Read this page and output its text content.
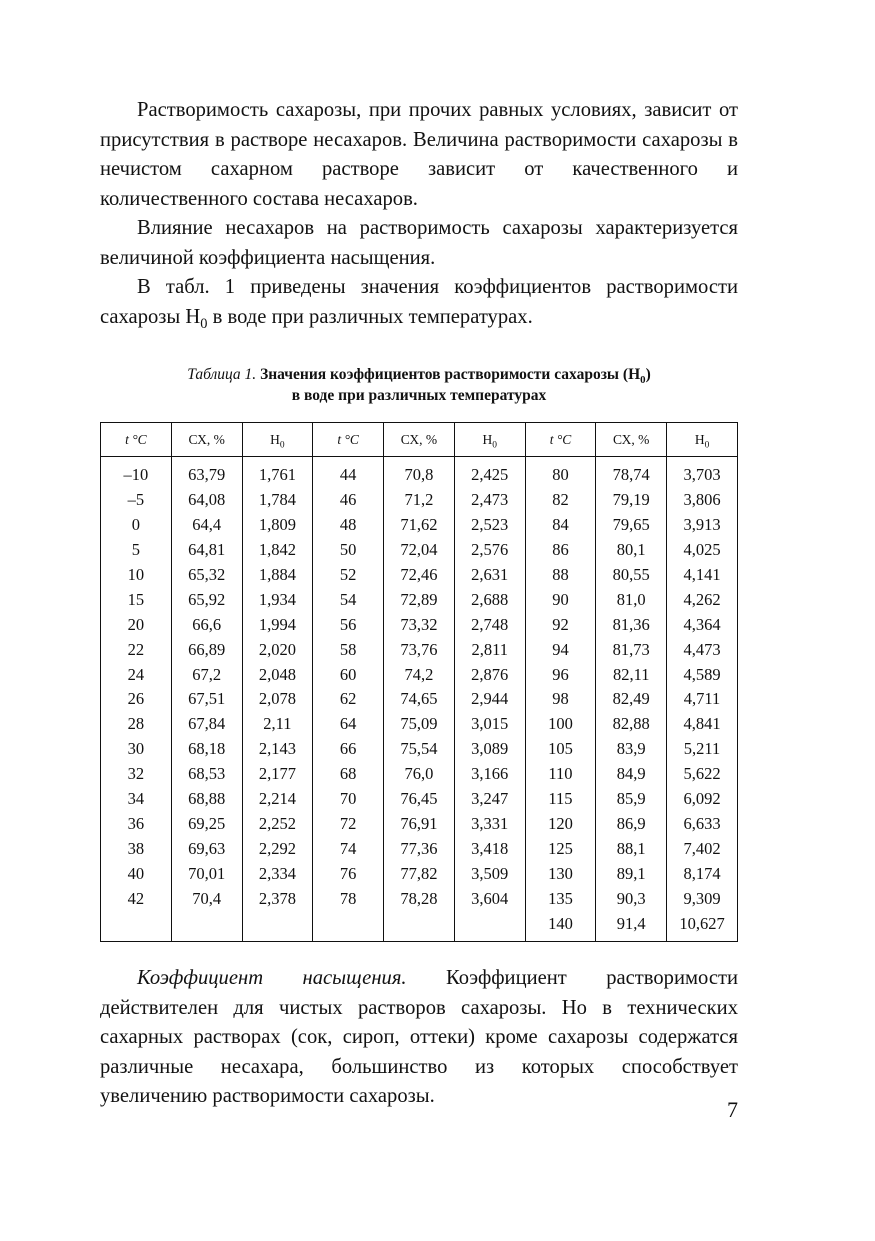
Растворимость сахарозы, при прочих равных условиях, зависит от присутствия в растворе несахаров. Величина растворимости сахарозы в нечистом сахарном растворе зависит от качественного и количественного состава несахаров.

Влияние несахаров на растворимость сахарозы характеризуется величиной коэффициента насыщения.

В табл. 1 приведены значения коэффициентов растворимости сахарозы $Н_0$ в воде при различных температурах.

Таблица 1. Значения коэффициентов растворимости сахарозы $(Н_0)$
в воде при различных температурах
t °C	СХ, %	$Н_0$	t °C	СХ, %	$Н_0$	t °C	СХ, %	$Н_0$
–10	63,79	1,761	44	70,8	2,425	80	78,74	3,703
–5	64,08	1,784	46	71,2	2,473	82	79,19	3,806
0	64,4	1,809	48	71,62	2,523	84	79,65	3,913
5	64,81	1,842	50	72,04	2,576	86	80,1	4,025
10	65,32	1,884	52	72,46	2,631	88	80,55	4,141
15	65,92	1,934	54	72,89	2,688	90	81,0	4,262
20	66,6	1,994	56	73,32	2,748	92	81,36	4,364
22	66,89	2,020	58	73,76	2,811	94	81,73	4,473
24	67,2	2,048	60	74,2	2,876	96	82,11	4,589
26	67,51	2,078	62	74,65	2,944	98	82,49	4,711
28	67,84	2,11	64	75,09	3,015	100	82,88	4,841
30	68,18	2,143	66	75,54	3,089	105	83,9	5,211
32	68,53	2,177	68	76,0	3,166	110	84,9	5,622
34	68,88	2,214	70	76,45	3,247	115	85,9	6,092
36	69,25	2,252	72	76,91	3,331	120	86,9	6,633
38	69,63	2,292	74	77,36	3,418	125	88,1	7,402
40	70,01	2,334	76	77,82	3,509	130	89,1	8,174
42	70,4	2,378	78	78,28	3,604	135	90,3	9,309
						140	91,4	10,627

Коэффициент насыщения. Коэффициент растворимости действителен для чистых растворов сахарозы. Но в технических сахарных растворах (сок, сироп, оттеки) кроме сахарозы содержатся различные несахара, большинство из которых способствует увеличению растворимости сахарозы.

7
